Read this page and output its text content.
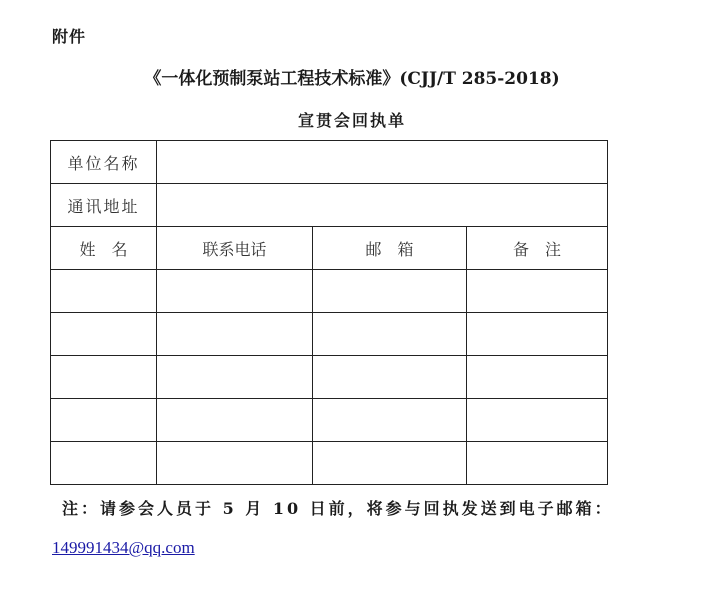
附件
《一体化预制泵站工程技术标准》(CJJ/T 285-2018)
宣贯会回执单
单位名称			
通讯地址			
姓　名	联系电话	邮　箱	备　注

注：请参会人员于 5 月 10 日前，将参与回执发送到电子邮箱：
149991434@qq.com
